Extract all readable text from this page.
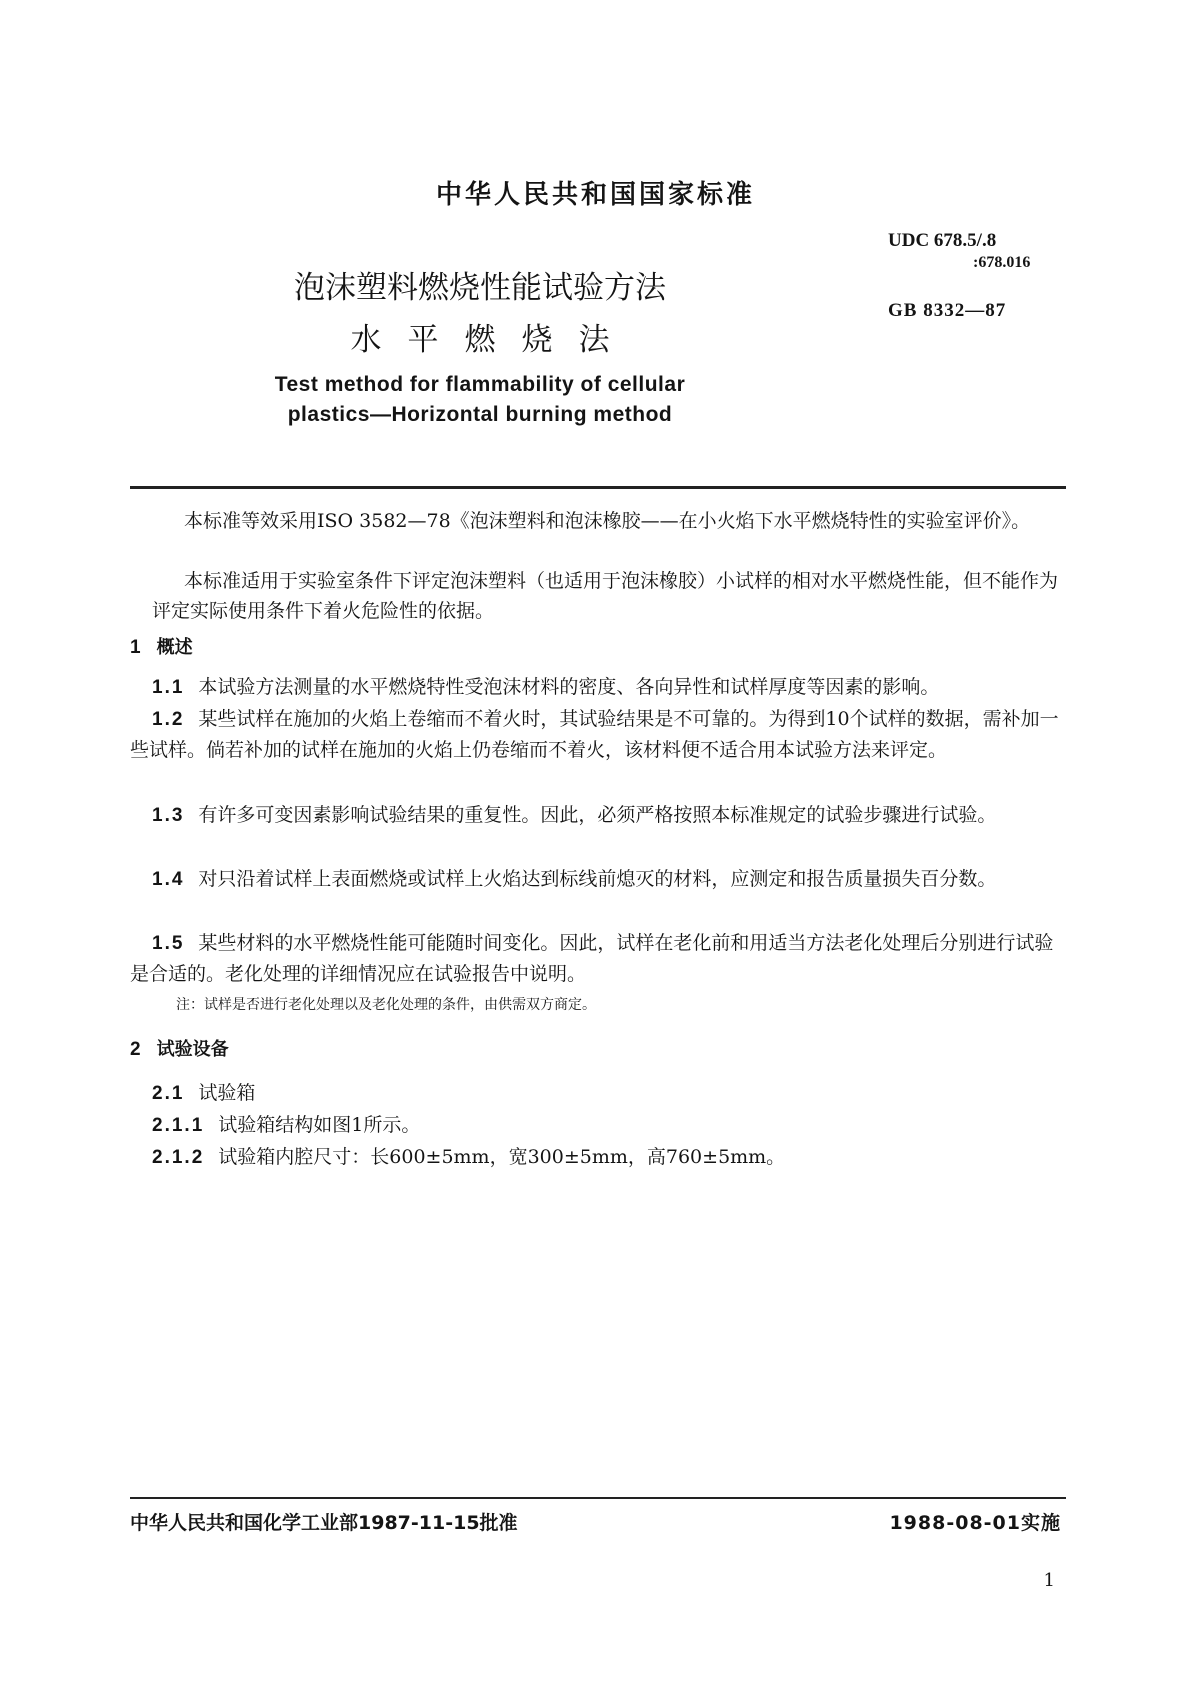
中华人民共和国国家标准
UDC 678.5/.8
:678.016
GB 8332—87
泡沫塑料燃烧性能试验方法
水平燃烧法
Test method for flammability of cellular
plastics—Horizontal burning method
本标准等效采用ISO 3582—78《泡沫塑料和泡沫橡胶——在小火焰下水平燃烧特性的实验室评价》。
本标准适用于实验室条件下评定泡沫塑料（也适用于泡沫橡胶）小试样的相对水平燃烧性能，但不能作为评定实际使用条件下着火危险性的依据。
1 概述
1.1 本试验方法测量的水平燃烧特性受泡沫材料的密度、各向异性和试样厚度等因素的影响。
1.2 某些试样在施加的火焰上卷缩而不着火时，其试验结果是不可靠的。为得到10个试样的数据，需补加一些试样。倘若补加的试样在施加的火焰上仍卷缩而不着火，该材料便不适合用本试验方法来评定。
1.3 有许多可变因素影响试验结果的重复性。因此，必须严格按照本标准规定的试验步骤进行试验。
1.4 对只沿着试样上表面燃烧或试样上火焰达到标线前熄灭的材料，应测定和报告质量损失百分数。
1.5 某些材料的水平燃烧性能可能随时间变化。因此，试样在老化前和用适当方法老化处理后分别进行试验是合适的。老化处理的详细情况应在试验报告中说明。
注：试样是否进行老化处理以及老化处理的条件，由供需双方商定。
2 试验设备
2.1 试验箱
2.1.1 试验箱结构如图1所示。
2.1.2 试验箱内腔尺寸：长600±5mm，宽300±5mm，高760±5mm。
中华人民共和国化学工业部1987-11-15批准	1988-08-01实施
1
